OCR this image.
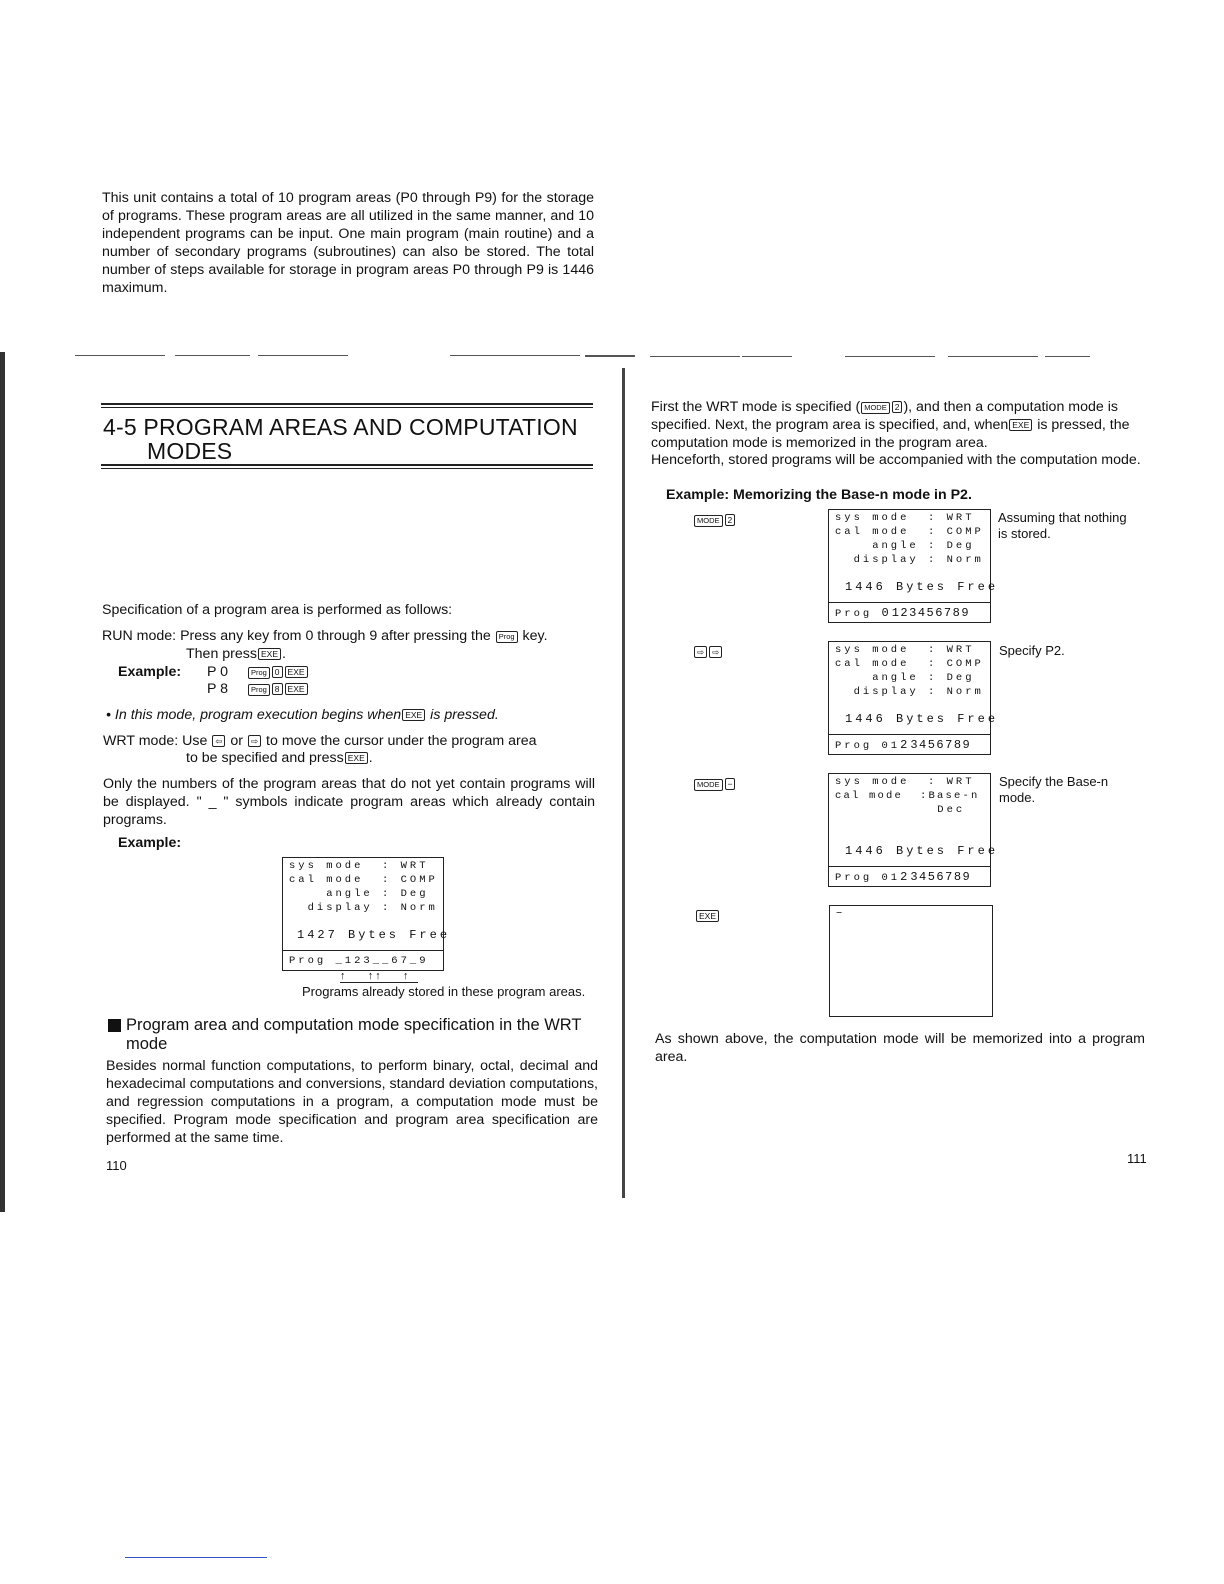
4-5 PROGRAM AREAS AND COMPUTATION
MODES
This unit contains a total of 10 program areas (P0 through P9) for the storage of programs. These program areas are all utilized in the same manner, and 10 independent programs can be input. One main program (main routine) and a number of secondary programs (subroutines) can also be stored. The total number of steps available for storage in program areas P0 through P9 is 1446 maximum.
Specification of a program area is performed as follows:
RUN mode: Press any key from 0 through 9 after pressing the Prog key.
Then press EXE .
Example: P 0	Prog 0 EXE
P 8	Prog 8 EXE
• In this mode, program execution begins when EXE is pressed.
WRT mode: Use ⇦ or ⇨ to move the cursor under the program area
to be specified and press EXE .
Only the numbers of the program areas that do not yet contain programs will be displayed. " _ " symbols indicate program areas which already contain programs.
Example:
sys mode  : WRT
cal mode  : COMP
angle : Deg
display : Norm
1427 Bytes Free
Prog _123__67_9
↑    ↑↑    ↑
Programs already stored in these program areas.
Program area and computation mode specification in the WRT
mode
Besides normal function computations, to perform binary, octal, decimal and hexadecimal computations and conversions, standard deviation computations, and regression computations in a program, a computation mode must be specified. Program mode specification and program area specification are performed at the same time.
110
First the WRT mode is specified ( MODE 2 ), and then a computation mode is specified. Next, the program area is specified, and, when EXE is pressed, the computation mode is memorized in the program area.
Henceforth, stored programs will be accompanied with the computation mode.
Example: Memorizing the Base-n mode in P2.
MODE 2	sys mode  : WRT
cal mode  : COMP
angle : Deg
display : Norm
1446 Bytes Free
Prog 0123456789
Assuming that nothing
is stored.
⇨ ⇨	sys mode  : WRT
cal mode  : COMP
angle : Deg
display : Norm
1446 Bytes Free
Prog 0123456789
Specify P2.
MODE −	sys mode  : WRT
cal mode  :Base-n
Dec
1446 Bytes Free
Prog 0123456789
Specify the Base-n
mode.
EXE	−
As shown above, the computation mode will be memorized into a program area.
111
